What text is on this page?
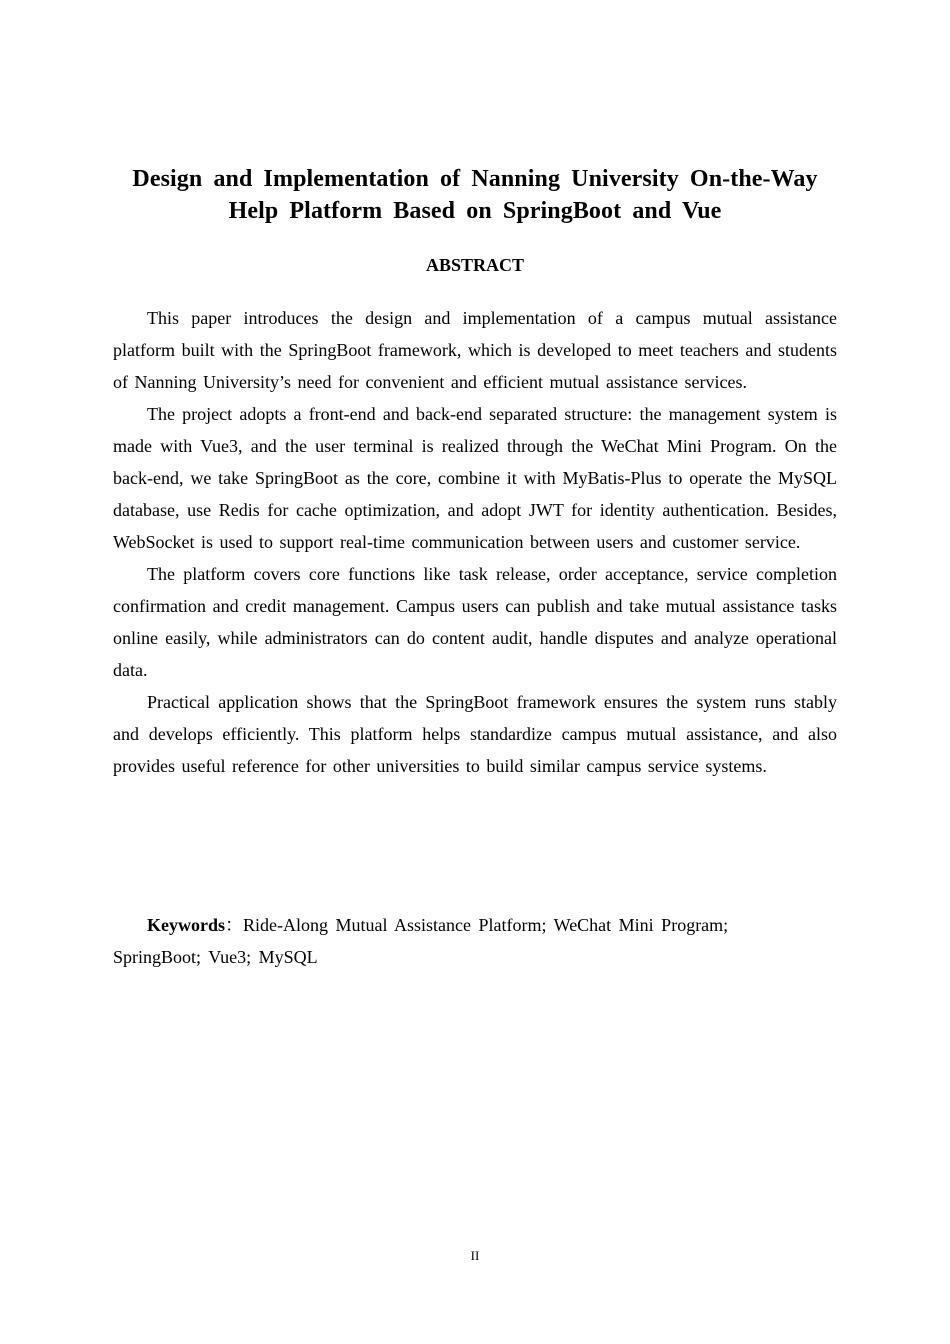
Design and Implementation of Nanning University On-the-Way Help Platform Based on SpringBoot and Vue
ABSTRACT

This paper introduces the design and implementation of a campus mutual assistance platform built with the SpringBoot framework, which is developed to meet teachers and students of Nanning University’s need for convenient and efficient mutual assistance services.

The project adopts a front-end and back-end separated structure: the management system is made with Vue3, and the user terminal is realized through the WeChat Mini Program. On the back-end, we take SpringBoot as the core, combine it with MyBatis-Plus to operate the MySQL database, use Redis for cache optimization, and adopt JWT for identity authentication. Besides, WebSocket is used to support real-time communication between users and customer service.

The platform covers core functions like task release, order acceptance, service completion confirmation and credit management. Campus users can publish and take mutual assistance tasks online easily, while administrators can do content audit, handle disputes and analyze operational data.

Practical application shows that the SpringBoot framework ensures the system runs stably and develops efficiently. This platform helps standardize campus mutual assistance, and also provides useful reference for other universities to build similar campus service systems.

Keywords：Ride-Along Mutual Assistance Platform; WeChat Mini Program; SpringBoot; Vue3; MySQL

II
